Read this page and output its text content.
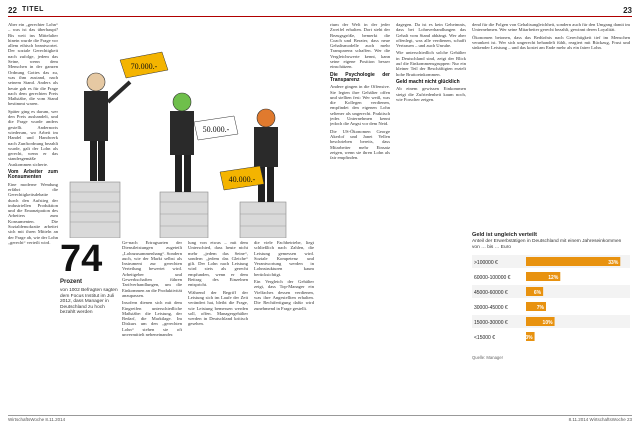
22 TITEL	23

Aber ein „gerechter Lohn“ – was ist das überhaupt? Bis weit ins Mittelalter hinein wurde die Frage vor allem ethisch beantwortet. Der soziale Gerechtigkeit nach zufolge, jedem das Seine, wenn dem Menschen in der ganzen Ordnung Gottes das zu, was ihm zustand, nach seinem Stand. Anders als heute gab es für die Frage nach dem gerechten Preis Maßstäbe, die vom Stand bestimmt waren.

Später ging es darum, wer den Preis aushandelt, und die Frage wurde anders gestellt. Andernorts wiederum, wo Arbeit im Handel und Handwerk nach Zunftordnung bezahlt wurde, galt der Lohn als gerecht, wenn er das standesgemäße Auskommen sicherte.

Vom Arbeiter zum Konsumenten

Eine moderne Wendung erfährt die Gerechtigkeitsdebatte durch den Aufstieg der industriellen Produktion und die Emanzipation des Arbeiters zum Konsumenten. Die Sozialdemokratie arbeitet sich mit ihren Mitteln an der Frage ab, wie der Lohn „gerecht“ verteilt wird.

70.000.-
50.000.-
40.000.-
74
Prozent
von 1002 Befragten sagten dem Focus Institut im Juli 2012, dass Manager in Deutschland zu hoch bezahlt werden

Ge-nach Ertragsarten der Dienstleistungen zugeteilt „Lohnzusammenhang“. Sondern auch, wie der Markt selbst als Instrument zur gerechten Verteilung bewertet wird. Arbeitgeber und Gewerkschaften führen Tarifverhandlungen, um die Einkommen an die Produktivität anzupassen.

Insofern dienen sich mit dem Eingreifen unterschiedliche Maßstäbe: die Leistung, der Bedarf, die Marktlage. Im Diskurs um den „gerechten Lohn“ stehen sie oft unvermittelt nebeneinander.

lung von etwas – mit dem Unterschied, dass heute nicht mehr „jedem das Seine“, sondern „jedem das Gleiche“ gilt. Der Lohn nach Leistung wird stets als gerecht empfunden, wenn er dem Beitrag des Einzelnen entspricht.

Während der Begriff der Leistung sich im Laufe der Zeit verändert hat, bleibt die Frage, wie Leistung bemessen werden soll, offen. Managergehälter werden in Deutschland kritisch gesehen.

die viele Fachbetriebe, liegt schließlich nach Zahlen, die Leistung gemessen wird. Soziale Kompetenz und Verantwortung werden in Lohnstrukturen kaum berücksichtigt.

Ein Vergleich der Gehälter zeigt, dass Top-Manager ein Vielfaches dessen verdienen, was ihre Angestellten erhalten. Die Rechtfertigung dafür wird zunehmend in Frage gestellt.

rium der Welt in der jeder Zweifel erhalten. Dort steht der Bezugsgröße, bemerkt die Coach und Berater, dass neue Gehaltsmodelle auch mehr Transparenz schaffen. Wer die Vergleichswerte kennt, kann seine eigene Position besser einschätzen.

Die Psychologie der Transparenz

Andere gingen in die Offensive. Sie legten ihre Gehälter offen und stellten fest: Wer weiß, was die Kollegen verdienen, empfindet den eigenen Lohn seltener als ungerecht. Praktisch jedes Unternehmen kennt jedoch die Angst vor dem Neid.

Die US-Ökonomen George Akerlof und Janet Yellen beschrieben bereits, dass Mitarbeiter mehr Einsatz zeigen, wenn sie ihren Lohn als fair empfinden.

dagegen. Da ist es kein Geheimnis, dass bei Lohnverhandlungen das Gehalt vom Stand abhängt. Wer aber offenlegt, was alle verdienen, schafft Vertrauen – und auch Unruhe.

Wie unterschiedlich solche Gehälter in Deutschland sind, zeigt der Blick auf die Einkommensgruppen: Nur ein kleiner Teil der Beschäftigten erzielt hohe Bruttoeinkommen.

Geld macht nicht glücklich

Ab einem gewissen Einkommen steigt die Zufriedenheit kaum noch, wie Forscher zeigen.

dend für die Folgen von Gehaltsungleichheit, sondern auch für den Umgang damit im Unternehmen. Wer seine Mitarbeiter gerecht bezahlt, gewinnt deren Loyalität.

Ökonomen betonen, dass das Bedürfnis nach Gerechtigkeit tief im Menschen verankert ist. Wer sich ungerecht behandelt fühlt, reagiert mit Rückzug, Frust und sinkender Leistung – und das kostet am Ende mehr als ein fairer Lohn.

Geld ist ungleich verteilt
Anteil der Erwerbstätigen in Deutschland mit einem Jahreseinkommen von … bis … Euro
>100000 €	33%
60000-100000 €	12%
45000-60000 €	6%
30000-45000 €	7%
15000-30000 €	10%
<15000 €	3%
Quelle: Manager
WirtschaftsWoche 8.11.2014	8.11.2014 WirtschaftsWoche 23
